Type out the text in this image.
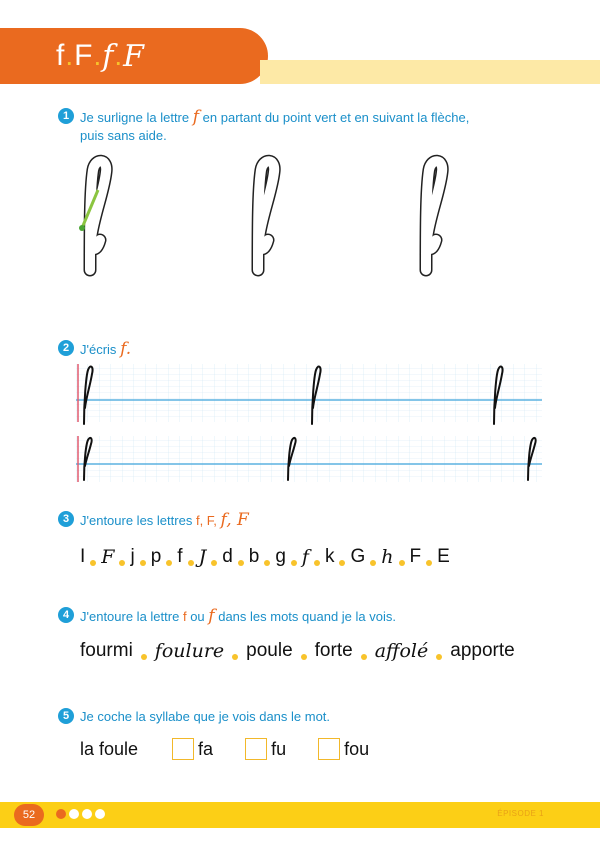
f . F . f . F
1 Je surligne la lettre f en partant du point vert et en suivant la flèche,
puis sans aide.
2 J'écris f.
3 J'entoure les lettres f, F, f, F
I F j p f J d b g f k G h F E
4 J'entoure la lettre f ou f dans les mots quand je la vois.
fourmi foulure poule forte affolé apporte
5 Je coche la syllabe que je vois dans le mot.
la foule	fa	fu	fou
52	ÉPISODE 1
